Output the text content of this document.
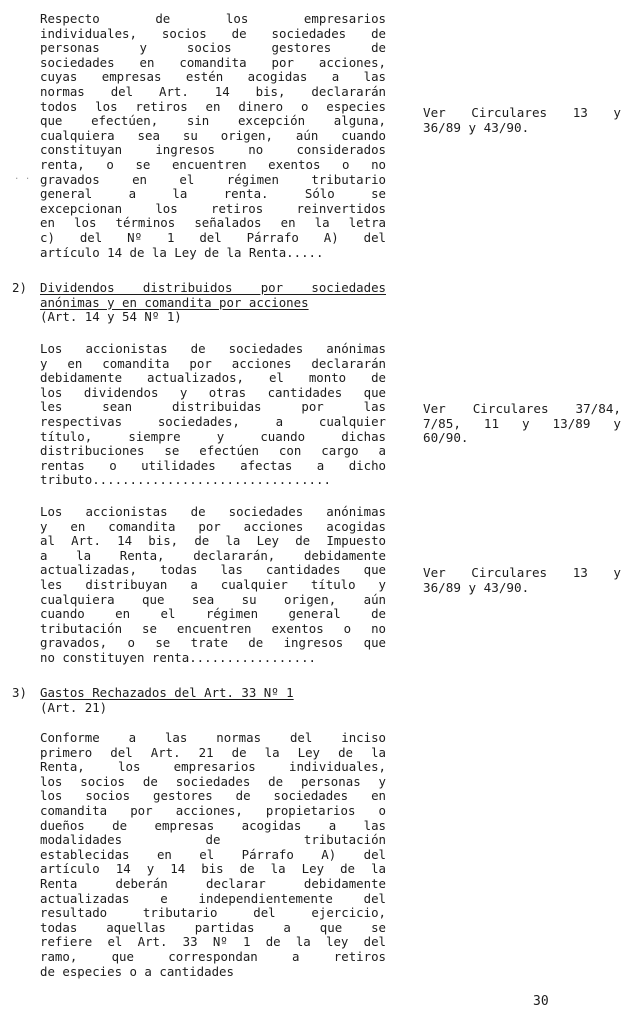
Respecto de los empresarios
individuales, socios de sociedades de
personas y socios gestores de
sociedades en comandita por acciones,
cuyas empresas estén acogidas a las
normas del Art. 14 bis, declararán
todos los retiros en dinero o especies
que efectúen, sin excepción alguna,
cualquiera sea su origen, aún cuando
constituyan ingresos no considerados
renta, o se encuentren exentos o no
gravados en el régimen tributario
general a la renta. Sólo se
excepcionan los retiros reinvertidos
en los términos señalados en la letra
c) del Nº 1 del Párrafo A) del
artículo 14 de la Ley de la Renta.....
Ver Circulares 13 y
36/89 y 43/90.
2) Dividendos distribuidos por sociedades
anónimas y en comandita por acciones
(Art. 14 y 54 Nº 1)
Los accionistas de sociedades anónimas
y en comandita por acciones declararán
debidamente actualizados, el monto de
los dividendos y otras cantidades que
les sean distribuidas por las
respectivas sociedades, a cualquier
título, siempre y cuando dichas
distribuciones se efectúen con cargo a
rentas o utilidades afectas a dicho
tributo................................
Ver Circulares 37/84,
7/85, 11 y 13/89 y
60/90.
Los accionistas de sociedades anónimas
y en comandita por acciones acogidas
al Art. 14 bis, de la Ley de Impuesto
a la Renta, declararán, debidamente
actualizadas, todas las cantidades que
les distribuyan a cualquier título y
cualquiera que sea su origen, aún
cuando en el régimen general de
tributación se encuentren exentos o no
gravados, o se trate de ingresos que
no constituyen renta.................
Ver Circulares 13 y
36/89 y 43/90.
3) Gastos Rechazados del Art. 33 Nº 1
(Art. 21)
Conforme a las normas del inciso
primero del Art. 21 de la Ley de la
Renta, los empresarios individuales,
los socios de sociedades de personas y
los socios gestores de sociedades en
comandita por acciones, propietarios o
dueños de empresas acogidas a las
modalidades de tributación
establecidas en el Párrafo A) del
artículo 14 y 14 bis de la Ley de la
Renta deberán declarar debidamente
actualizadas e independientemente del
resultado tributario del ejercicio,
todas aquellas partidas a que se
refiere el Art. 33 Nº 1 de la ley del
ramo, que correspondan a retiros
de especies o a cantidades
30
. .
